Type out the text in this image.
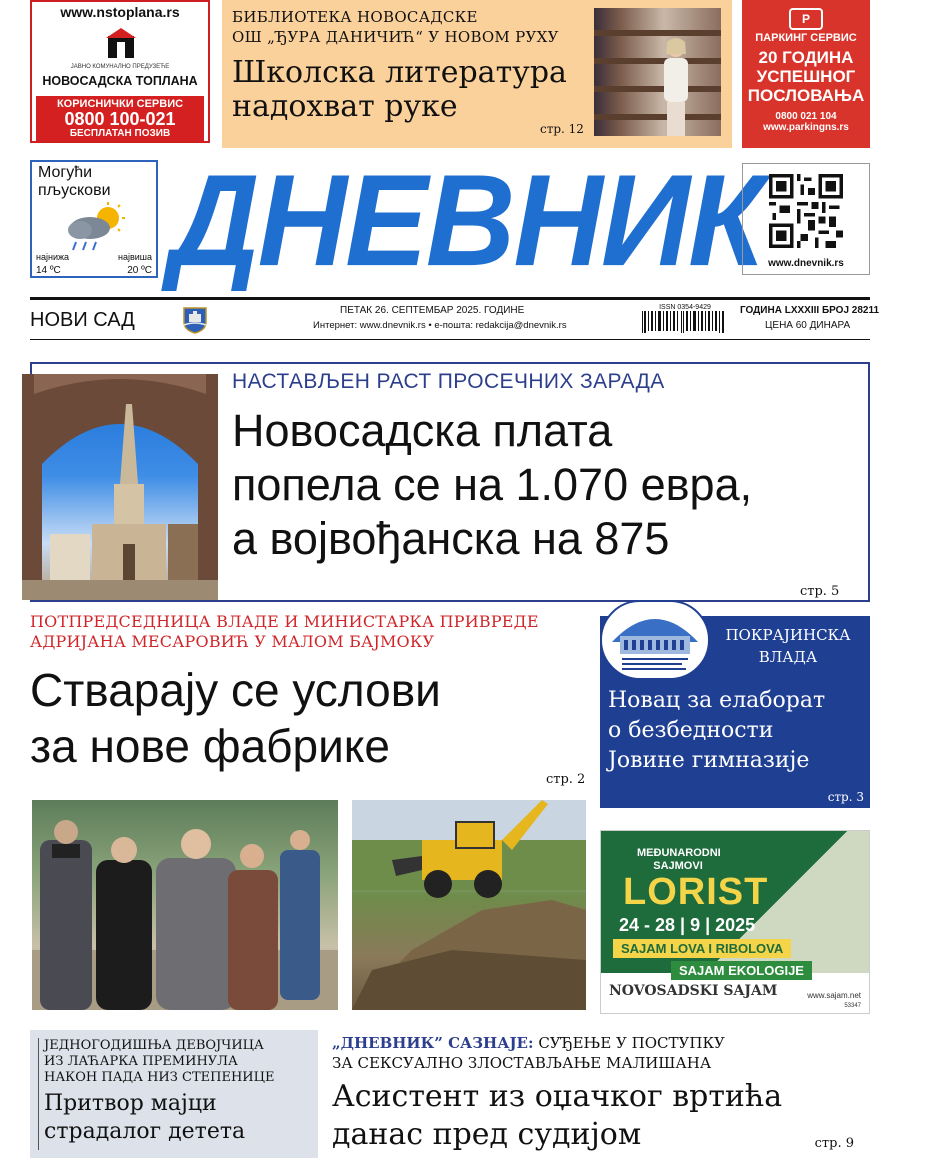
www.nstoplana.rs
ЈАВНО КОМУНАЛНО ПРЕДУЗЕЋЕ
НОВОСАДСКА ТОПЛАНА
КОРИСНИЧКИ СЕРВИС
0800 100-021
БЕСПЛАТАН ПОЗИВ
БИБЛИОТЕКА НОВОСАДСКЕ
ОШ „ЂУРА ДАНИЧИЋ“ У НОВОМ РУХУ
Школска литература
надохват руке
стр. 12
P
ПАРКИНГ СЕРВИС
20 ГОДИНА
УСПЕШНОГ
ПОСЛОВАЊА
0800 021 104
www.parkingns.rs
Могући
пљускови
најнижа
14 ºC
највиша
20 ºC ДНЕВНИК www.dnevnik.rs
НОВИ САД	ПЕТАК 26. СЕПТЕМБАР 2025. ГОДИНЕ
Интернет: www.dnevnik.rs • е-пошта: redakcija@dnevnik.rs
ISSN 0354-9429	ГОДИНА LXXXIII БРОЈ 28211
ЦЕНА 60 ДИНАРА
НАСТАВЉЕН РАСТ ПРОСЕЧНИХ ЗАРАДА
Новосадска плата
попела се на 1.070 евра,
а војвођанска на 875
стр. 5
ПОТПРЕДСЕДНИЦА ВЛАДЕ И МИНИСТАРКА ПРИВРЕДЕ
АДРИЈАНА МЕСАРОВИЋ У МАЛОМ БАЈМОКУ
Стварају се услови
за нове фабрике
стр. 2
ПОКРАЈИНСКА
ВЛАДА
Новац за елаборат
о безбедности
Јовине гимназије
стр. 3
MEĐUNARODNI
SAJMOVI
LORIST
24 - 28 | 9 | 2025
SAJAM LOVA I RIBOLOVA
SAJAM EKOLOGIJE
NOVOSADSKI SAJAM	www.sajam.net
53347
ЈЕДНОГОДИШЊА ДЕВОЈЧИЦА ИЗ ЛАЋАРКА ПРЕМИНУЛА НАКОН ПАДА НИЗ СТЕПЕНИЦЕ
Притвор мајци
страдалог детета
„ДНЕВНИК” САЗНАЈЕ: СУЂЕЊЕ У ПОСТУПКУ
ЗА СЕКСУАЛНО ЗЛОСТАВЉАЊЕ МАЛИШАНА
Асистент из оџачког вртића
данас пред судијом	стр. 9
